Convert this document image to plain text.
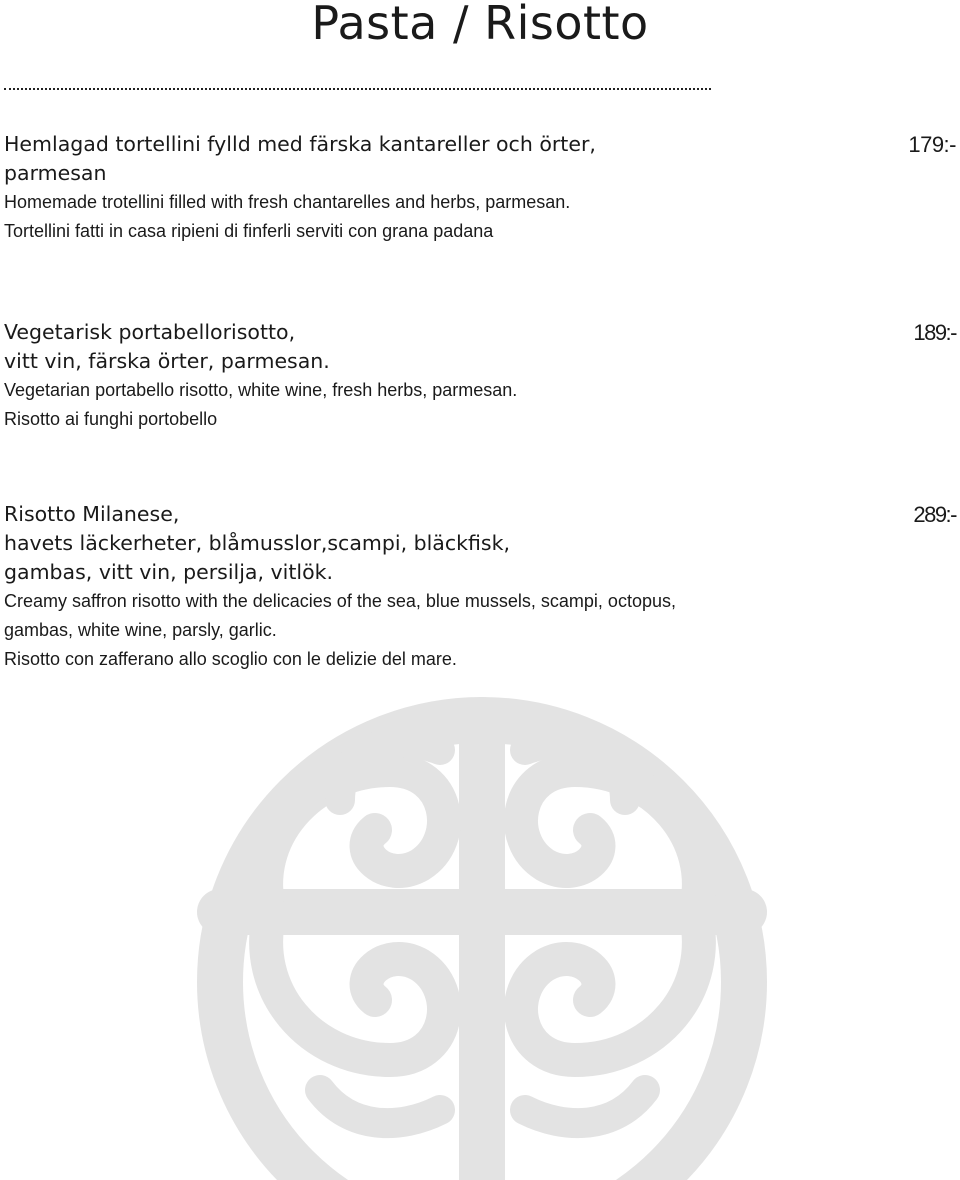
Pasta / Risotto

Hemlagad tortellini fylld med färska kantareller och örter,
parmesan

Homemade trotellini filled with fresh chantarelles and herbs, parmesan.

Tortellini fatti in casa ripieni di finferli serviti con grana padana

179:-

Vegetarisk portabellorisotto,
vitt vin, färska örter, parmesan.

Vegetarian portabello risotto, white wine, fresh herbs, parmesan.

Risotto ai funghi portobello

189:-

Risotto Milanese,
havets läckerheter, blåmusslor,scampi, bläckfisk,
gambas, vitt vin, persilja, vitlök.

Creamy saffron risotto with the delicacies of the sea, blue mussels, scampi, octopus,

gambas, white wine, parsly, garlic.

Risotto con zafferano allo scoglio con le delizie del mare.

289:-
